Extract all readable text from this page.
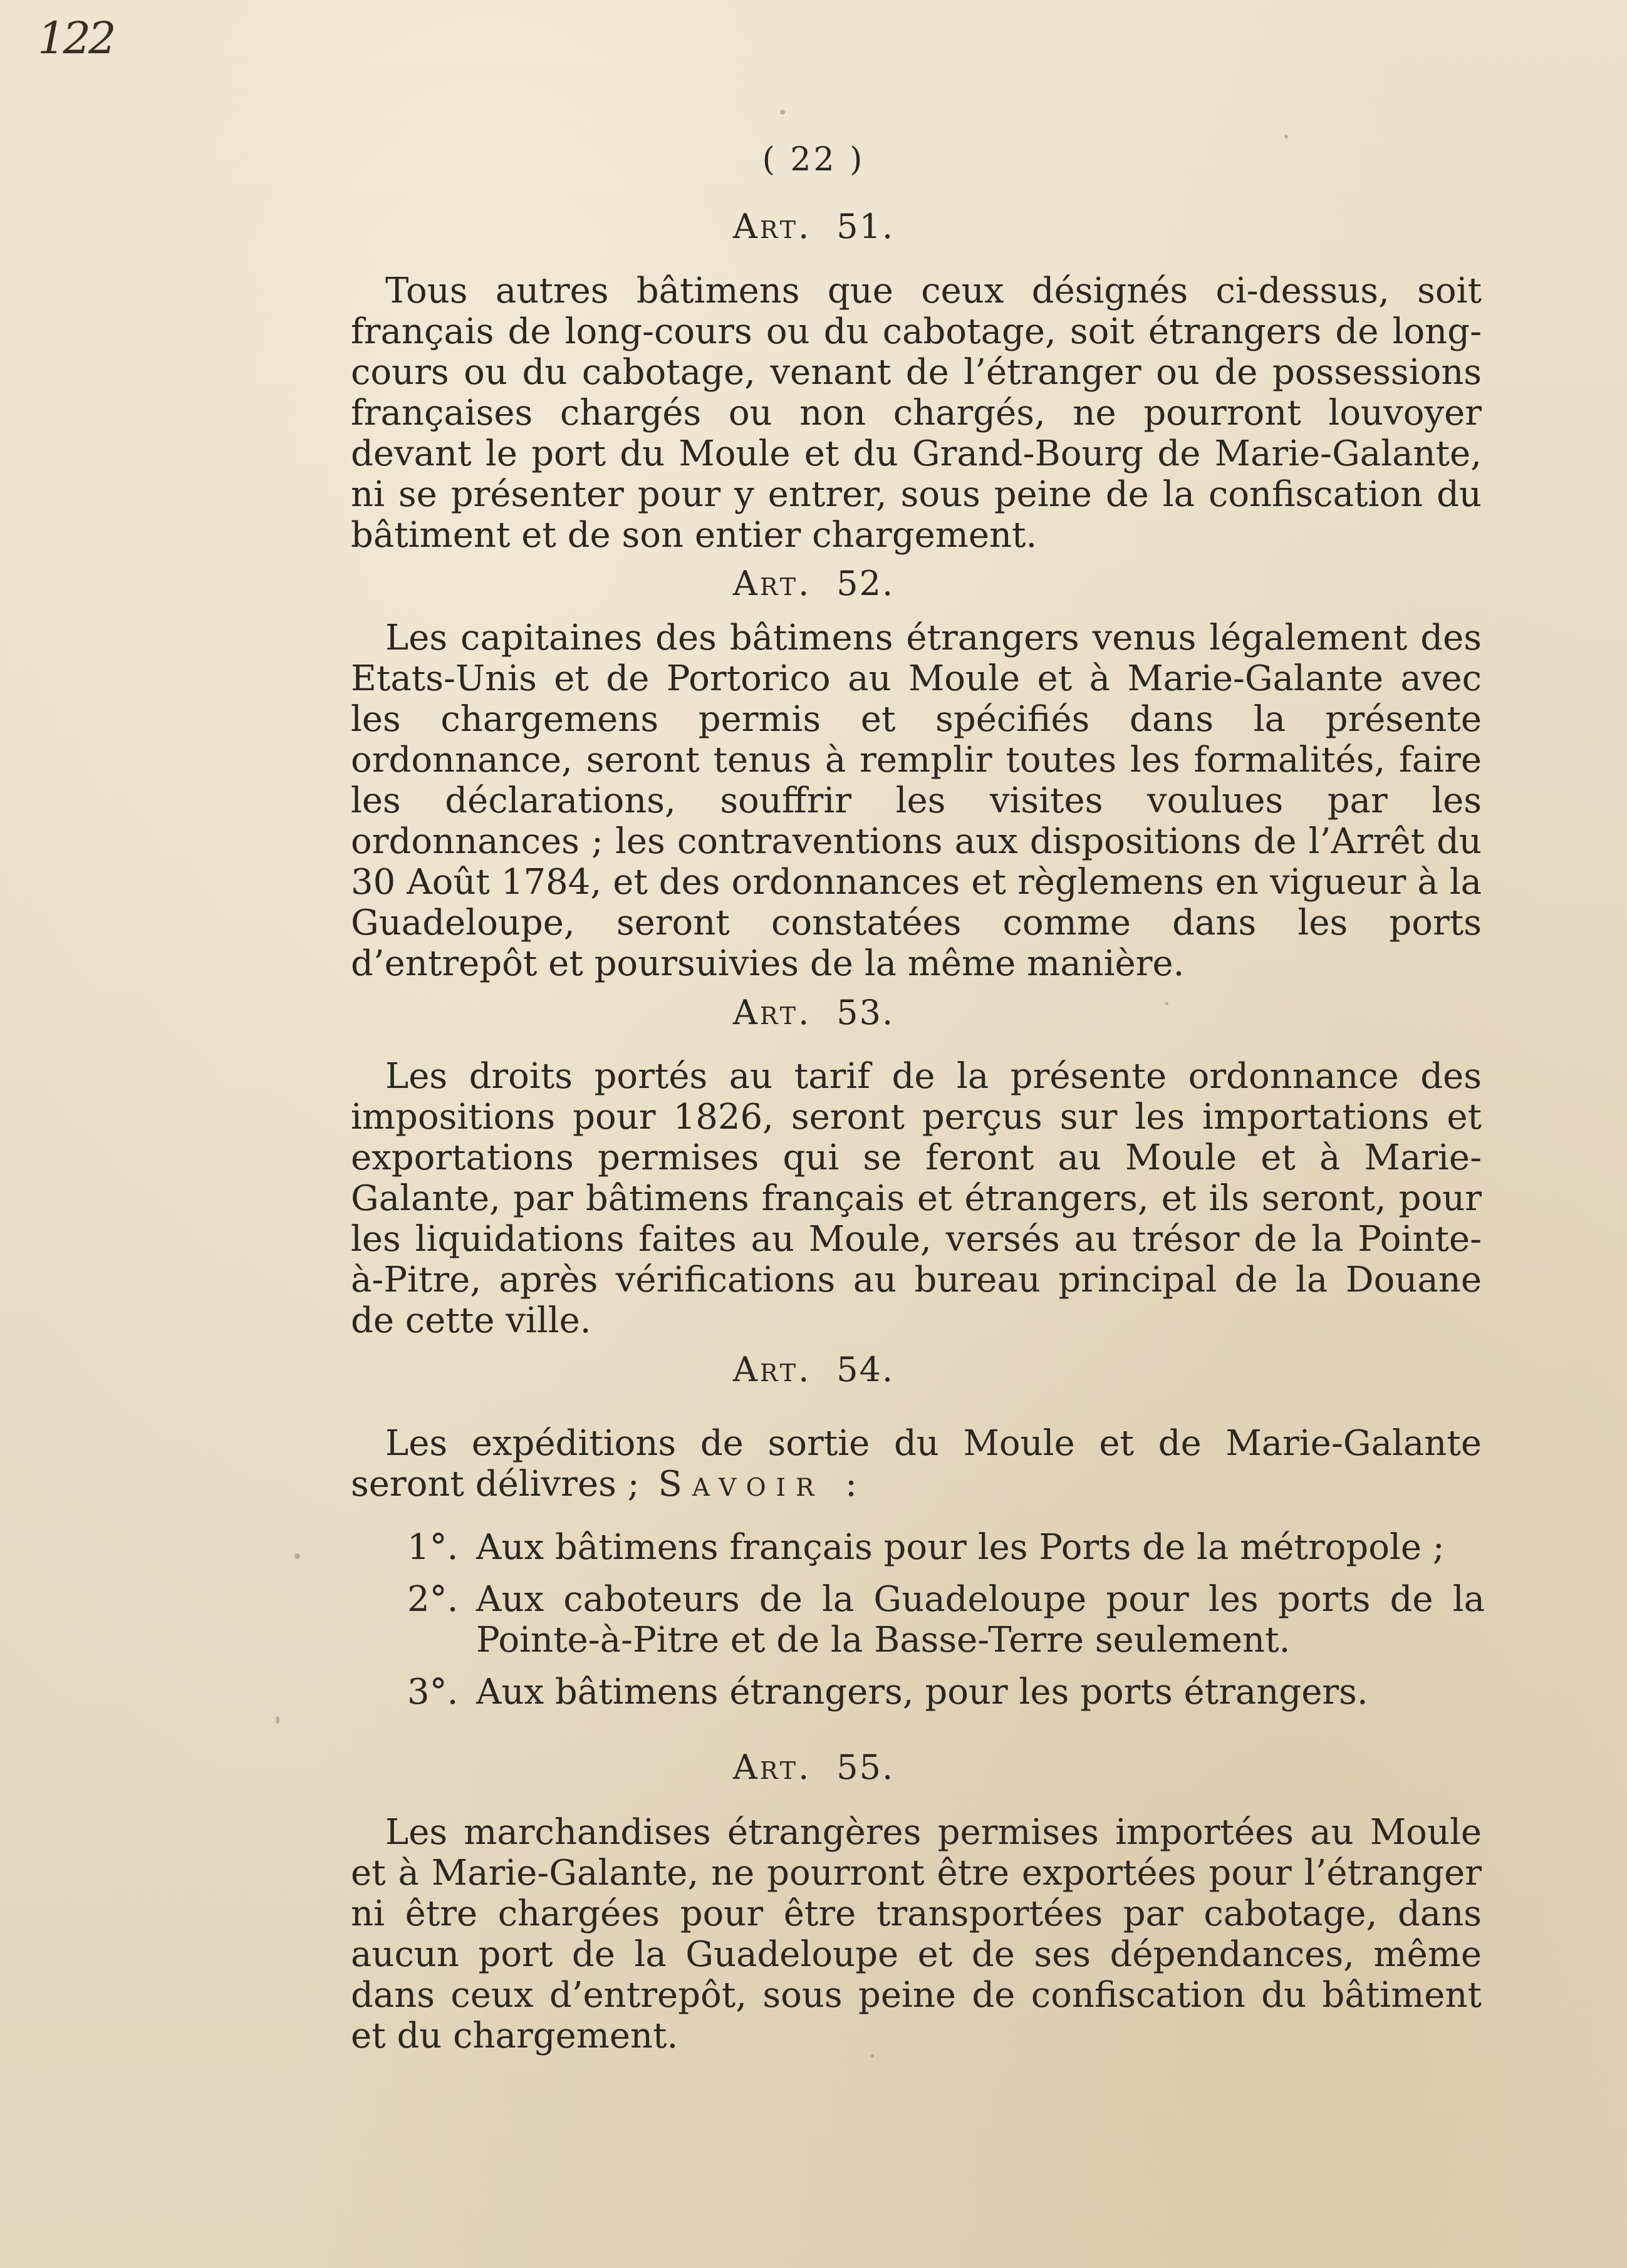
122
( 22 )
Art. 51.

Tous autres bâtimens que ceux désignés ci-dessus, soit français de long-cours ou du cabotage, soit étrangers de long-cours ou du cabotage, venant de l’étranger ou de possessions françaises chargés ou non chargés, ne pourront louvoyer devant le port du Moule et du Grand-Bourg de Marie-Galante, ni se présenter pour y entrer, sous peine de la confiscation du bâtiment et de son entier chargement.

Art. 52.

Les capitaines des bâtimens étrangers venus légalement des Etats-Unis et de Portorico au Moule et à Marie-Galante avec les chargemens permis et spécifiés dans la présente ordonnance, seront tenus à remplir toutes les formalités, faire les déclarations, souffrir les visites voulues par les ordonnances ; les contraventions aux dispositions de l’Arrêt du 30 Août 1784, et des ordonnances et règlemens en vigueur à la Guadeloupe, seront constatées comme dans les ports d’entrepôt et poursuivies de la même manière.

Art. 53.

Les droits portés au tarif de la présente ordonnance des impositions pour 1826, seront perçus sur les importations et exportations permises qui se feront au Moule et à Marie-Galante, par bâtimens français et étrangers, et ils seront, pour les liquidations faites au Moule, versés au trésor de la Pointe-à-Pitre, après vérifications au bureau principal de la Douane de cette ville.

Art. 54.

Les expéditions de sortie du Moule et de Marie-Galante seront délivres ; Savoir :

1°. Aux bâtimens français pour les Ports de la métropole ;
2°. Aux caboteurs de la Guadeloupe pour les ports de la Pointe-à-Pitre et de la Basse-Terre seulement.
3°. Aux bâtimens étrangers, pour les ports étrangers.
Art. 55.

Les marchandises étrangères permises importées au Moule et à Marie-Galante, ne pourront être exportées pour l’étranger ni être chargées pour être transportées par cabotage, dans aucun port de la Guadeloupe et de ses dépendances, même dans ceux d’entrepôt, sous peine de confiscation du bâtiment et du chargement.
